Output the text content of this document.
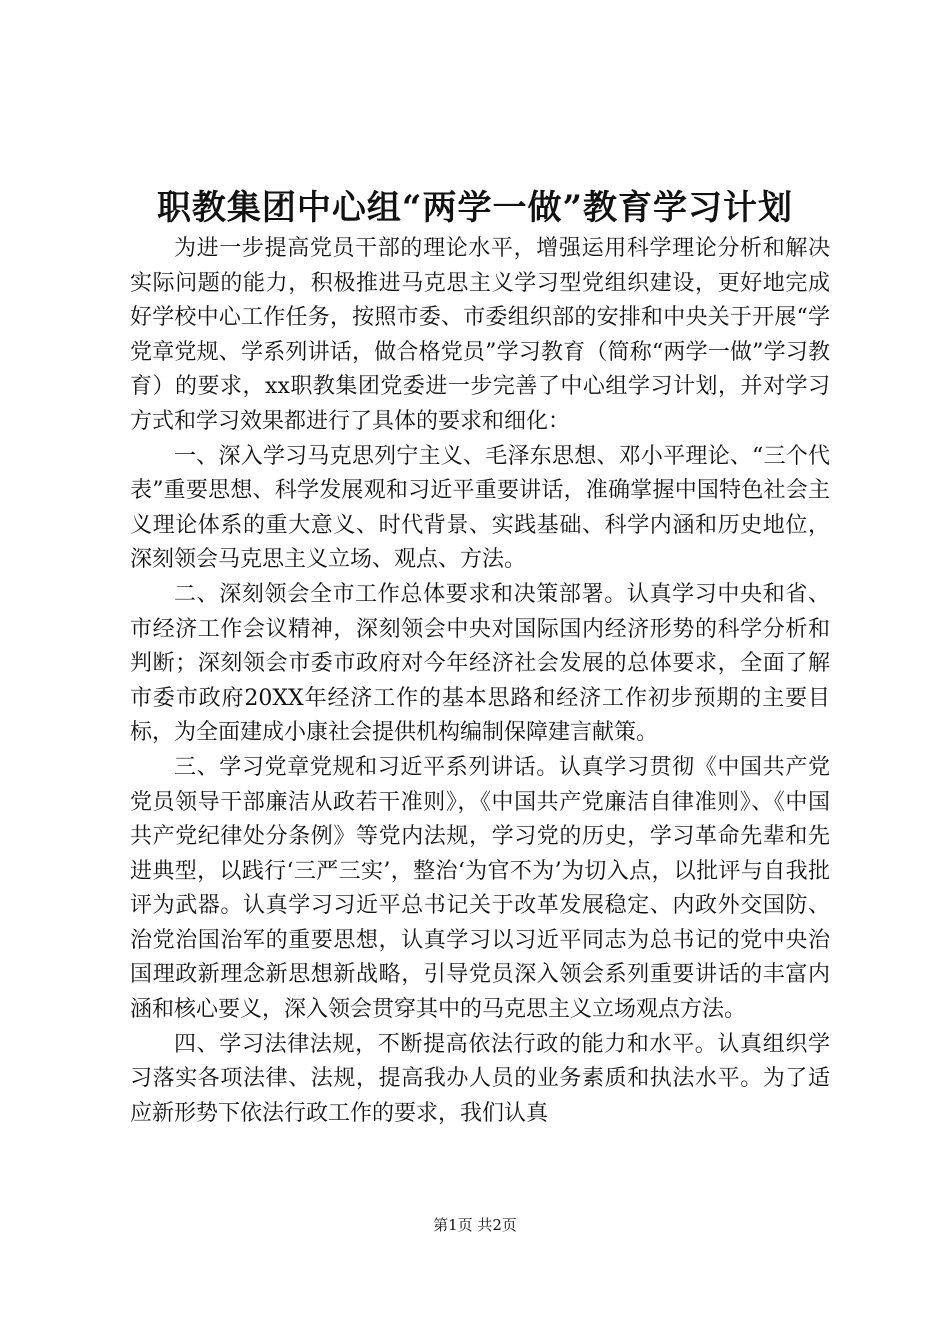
职教集团中心组“两学一做”教育学习计划

为进一步提高党员干部的理论水平，增强运用科学理论分析和解决实际问题的能力，积极推进马克思主义学习型党组织建设，更好地完成好学校中心工作任务，按照市委、市委组织部的安排和中央关于开展“学党章党规、学系列讲话，做合格党员”学习教育（简称“两学一做”学习教育）的要求，xx职教集团党委进一步完善了中心组学习计划，并对学习方式和学习效果都进行了具体的要求和细化：

一、深入学习马克思列宁主义、毛泽东思想、邓小平理论、“三个代表”重要思想、科学发展观和习近平重要讲话，准确掌握中国特色社会主义理论体系的重大意义、时代背景、实践基础、科学内涵和历史地位，深刻领会马克思主义立场、观点、方法。

二、深刻领会全市工作总体要求和决策部署。认真学习中央和省、市经济工作会议精神，深刻领会中央对国际国内经济形势的科学分析和判断；深刻领会市委市政府对今年经济社会发展的总体要求，全面了解市委市政府20XX年经济工作的基本思路和经济工作初步预期的主要目标，为全面建成小康社会提供机构编制保障建言献策。

三、学习党章党规和习近平系列讲话。认真学习贯彻《中国共产党党员领导干部廉洁从政若干准则》，《中国共产党廉洁自律准则》、《中国共产党纪律处分条例》等党内法规，学习党的历史，学习革命先辈和先进典型，以践行‘三严三实’，整治‘为官不为’为切入点，以批评与自我批评为武器。认真学习习近平总书记关于改革发展稳定、内政外交国防、治党治国治军的重要思想，认真学习以习近平同志为总书记的党中央治国理政新理念新思想新战略，引导党员深入领会系列重要讲话的丰富内涵和核心要义，深入领会贯穿其中的马克思主义立场观点方法。

四、学习法律法规，不断提高依法行政的能力和水平。认真组织学习落实各项法律、法规，提高我办人员的业务素质和执法水平。为了适应新形势下依法行政工作的要求，我们认真

第1页 共2页
